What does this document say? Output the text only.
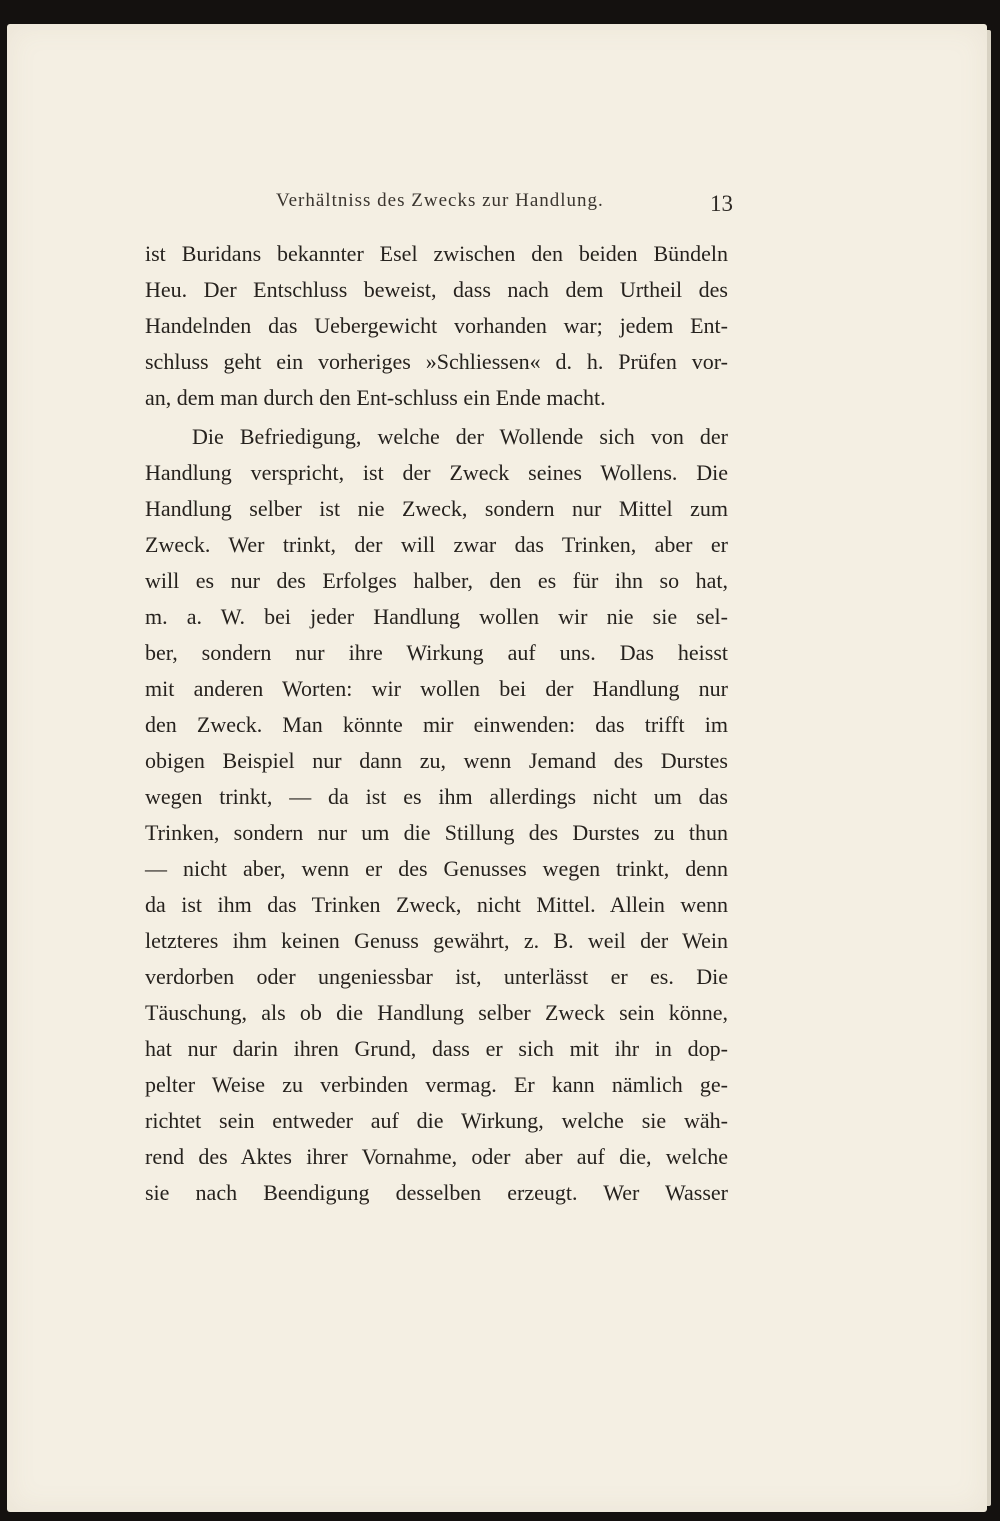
Verhältniss des Zwecks zur Handlung.	13
ist Buridans bekannter Esel zwischen den beiden Bündeln
Heu. Der Entschluss beweist, dass nach dem Urtheil des
Handelnden das Uebergewicht vorhanden war; jedem Ent-
schluss geht ein vorheriges »Schliessen« d. h. Prüfen vor-
an, dem man durch den Ent-schluss ein Ende macht.
Die Befriedigung, welche der Wollende sich von der
Handlung verspricht, ist der Zweck seines Wollens. Die
Handlung selber ist nie Zweck, sondern nur Mittel zum
Zweck. Wer trinkt, der will zwar das Trinken, aber er
will es nur des Erfolges halber, den es für ihn so hat,
m. a. W. bei jeder Handlung wollen wir nie sie sel-
ber, sondern nur ihre Wirkung auf uns. Das heisst
mit anderen Worten: wir wollen bei der Handlung nur
den Zweck. Man könnte mir einwenden: das trifft im
obigen Beispiel nur dann zu, wenn Jemand des Durstes
wegen trinkt, — da ist es ihm allerdings nicht um das
Trinken, sondern nur um die Stillung des Durstes zu thun
— nicht aber, wenn er des Genusses wegen trinkt, denn
da ist ihm das Trinken Zweck, nicht Mittel. Allein wenn
letzteres ihm keinen Genuss gewährt, z. B. weil der Wein
verdorben oder ungeniessbar ist, unterlässt er es. Die
Täuschung, als ob die Handlung selber Zweck sein könne,
hat nur darin ihren Grund, dass er sich mit ihr in dop-
pelter Weise zu verbinden vermag. Er kann nämlich ge-
richtet sein entweder auf die Wirkung, welche sie wäh-
rend des Aktes ihrer Vornahme, oder aber auf die, welche
sie nach Beendigung desselben erzeugt. Wer Wasser
